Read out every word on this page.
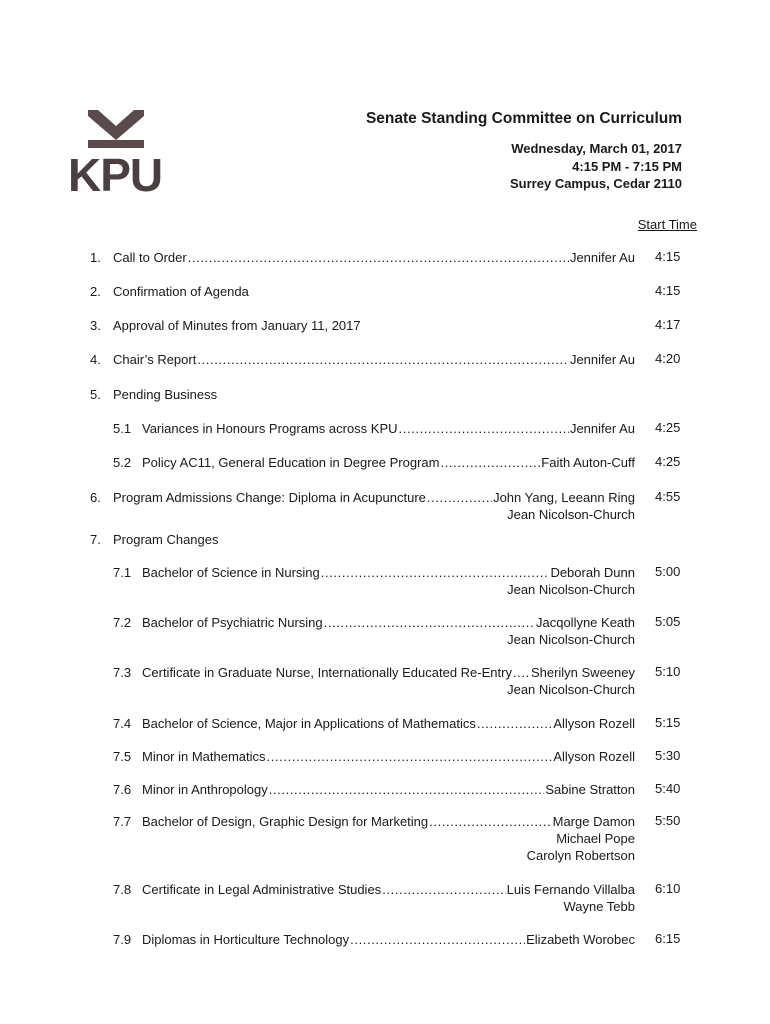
KPU
Senate Standing Committee on Curriculum
Wednesday, March 01, 2017
4:15 PM - 7:15 PM
Surrey Campus, Cedar 2110
Start Time
1. Call to Order .....	Jennifer Au 4:15
2. Confirmation of Agenda	4:15
3. Approval of Minutes from January 11, 2017	4:17
4. Chair’s Report .....	Jennifer Au 4:20
5. Pending Business
5.1 Variances in Honours Programs across KPU .....	Jennifer Au 4:25
5.2 Policy AC11, General Education in Degree Program .....	Faith Auton-Cuff 4:25
6. Program Admissions Change: Diploma in Acupuncture .....	John Yang, Leeann Ring
Jean Nicolson-Church
4:55
7. Program Changes
7.1 Bachelor of Science in Nursing .....	Deborah Dunn
Jean Nicolson-Church
5:00
7.2 Bachelor of Psychiatric Nursing .....	Jacqollyne Keath
Jean Nicolson-Church
5:05
7.3 Certificate in Graduate Nurse, Internationally Educated Re-Entry ..... Sherilyn Sweeney
Jean Nicolson-Church
5:10
7.4 Bachelor of Science, Major in Applications of Mathematics .....	Allyson Rozell 5:15
7.5 Minor in Mathematics .....	Allyson Rozell 5:30
7.6 Minor in Anthropology .....	Sabine Stratton 5:40
7.7 Bachelor of Design, Graphic Design for Marketing .....	Marge Damon
Michael Pope
Carolyn Robertson
5:50
7.8 Certificate in Legal Administrative Studies .....	Luis Fernando Villalba
Wayne Tebb
6:10
7.9 Diplomas in Horticulture Technology .....	Elizabeth Worobec 6:15
